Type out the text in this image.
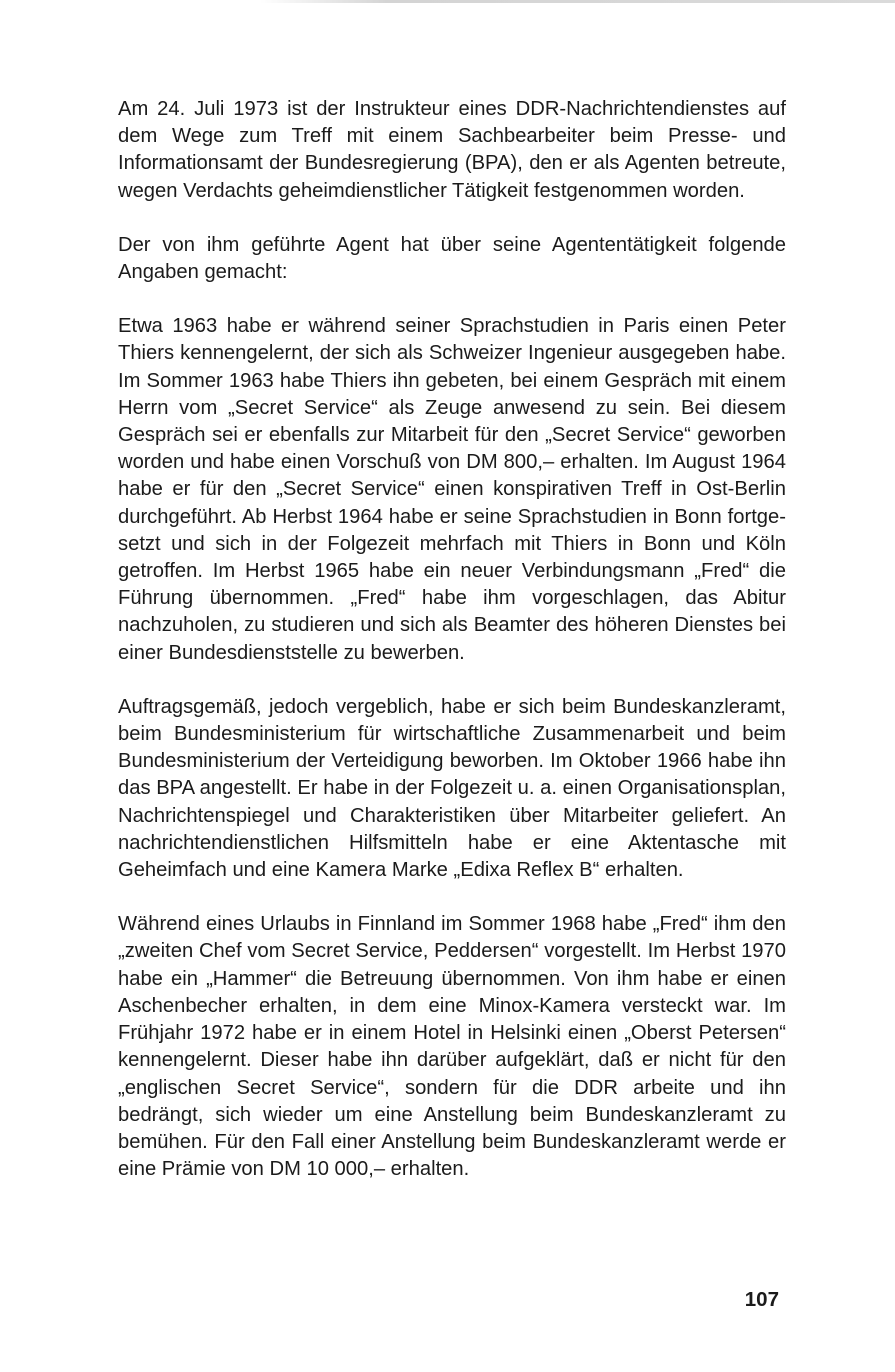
Am 24. Juli 1973 ist der Instrukteur eines DDR-Nachrichtendienstes auf dem Wege zum Treff mit einem Sachbearbeiter beim Presse- und Informationsamt der Bundesregierung (BPA), den er als Agenten betreute, wegen Verdachts geheimdienstlicher Tätigkeit festgenommen worden.

Der von ihm geführte Agent hat über seine Agententätigkeit folgende Angaben gemacht:

Etwa 1963 habe er während seiner Sprachstudien in Paris einen Peter Thiers kennengelernt, der sich als Schweizer Ingenieur ausgegeben habe. Im Sommer 1963 habe Thiers ihn gebeten, bei einem Gespräch mit einem Herrn vom „Secret Service“ als Zeuge anwesend zu sein. Bei diesem Gespräch sei er ebenfalls zur Mitarbeit für den „Secret Service“ geworben worden und habe einen Vorschuß von DM 800,– erhalten. Im August 1964 habe er für den „Secret Service“ einen konspirativen Treff in Ost-Berlin durchgeführt. Ab Herbst 1964 habe er seine Sprachstudien in Bonn fortgesetzt und sich in der Folgezeit mehrfach mit Thiers in Bonn und Köln getroffen. Im Herbst 1965 habe ein neuer Verbindungsmann „Fred“ die Führung übernommen. „Fred“ habe ihm vorgeschlagen, das Abitur nachzuholen, zu studieren und sich als Beamter des höheren Dienstes bei einer Bundesdienststelle zu bewerben.

Auftragsgemäß, jedoch vergeblich, habe er sich beim Bundeskanzleramt, beim Bundesministerium für wirtschaftliche Zusammenarbeit und beim Bundesministerium der Verteidigung beworben. Im Oktober 1966 habe ihn das BPA angestellt. Er habe in der Folgezeit u. a. einen Organisationsplan, Nachrichtenspiegel und Charakteristiken über Mitarbeiter geliefert. An nachrichtendienstlichen Hilfsmitteln habe er eine Aktentasche mit Geheimfach und eine Kamera Marke „Edixa Reflex B“ erhalten.

Während eines Urlaubs in Finnland im Sommer 1968 habe „Fred“ ihm den „zweiten Chef vom Secret Service, Peddersen“ vorgestellt. Im Herbst 1970 habe ein „Hammer“ die Betreuung übernommen. Von ihm habe er einen Aschenbecher erhalten, in dem eine Minox-Kamera versteckt war. Im Frühjahr 1972 habe er in einem Hotel in Helsinki einen „Oberst Petersen“ kennengelernt. Dieser habe ihn darüber aufgeklärt, daß er nicht für den „englischen Secret Service“, sondern für die DDR arbeite und ihn bedrängt, sich wieder um eine Anstellung beim Bundeskanzleramt zu bemühen. Für den Fall einer Anstellung beim Bundeskanzleramt werde er eine Prämie von DM 10 000,– erhalten.

107
